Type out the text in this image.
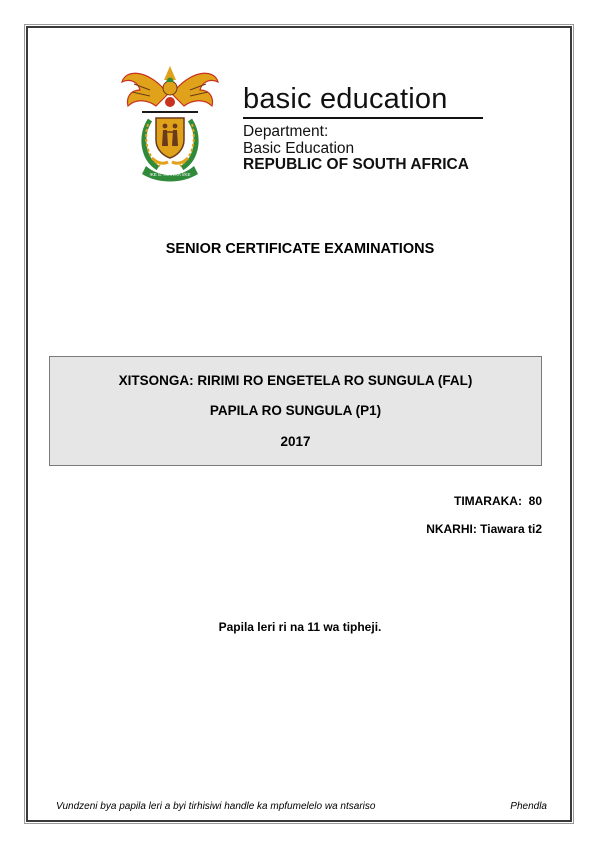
!KE E: /XARRA //KE
basic education
Department:
Basic Education
REPUBLIC OF SOUTH AFRICA
SENIOR CERTIFICATE EXAMINATIONS
XITSONGA: RIRIMI RO ENGETELA RO SUNGULA (FAL)
PAPILA RO SUNGULA (P1)
2017
TIMARAKA:  80
NKARHI: Tiawara ti2
Papila leri ri na 11 wa tipheji.
Vundzeni bya papila leri a byi tirhisiwi handle ka mpfumelelo wa ntsariso	Phendla
